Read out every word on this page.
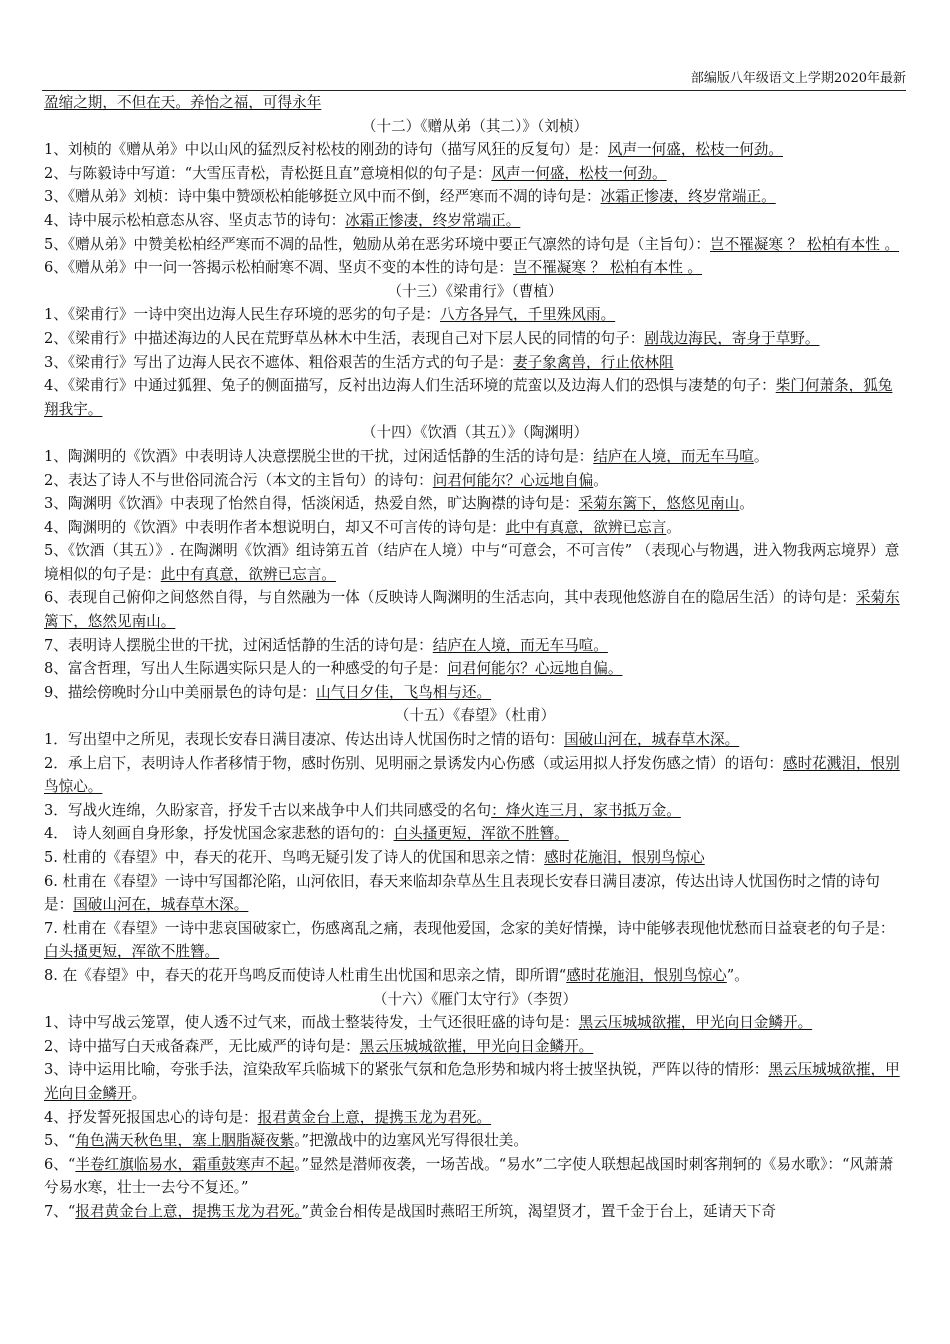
部编版八年级语文上学期2020年最新
盈缩之期，不但在天。养怡之福，可得永年
（十二）《赠从弟（其二）》（刘桢）
1、刘桢的《赠从弟》中以山风的猛烈反衬松枝的刚劲的诗句（描写风狂的反复句）是：风声一何盛，松枝一何劲。
2、与陈毅诗中写道：“大雪压青松，青松挺且直”意境相似的句子是：风声一何盛，松枝一何劲。
3、《赠从弟》刘桢：诗中集中赞颂松柏能够挺立风中而不倒，经严寒而不凋的诗句是：冰霜正惨凄，终岁常端正。
4、诗中展示松柏意态从容、坚贞志节的诗句：冰霜正惨凄，终岁常端正。
5、《赠从弟》中赞美松柏经严寒而不凋的品性，勉励从弟在恶劣环境中要正气凛然的诗句是（主旨句）：岂不罹凝寒 ？ 松柏有本性 。
6、《赠从弟》中一问一答揭示松柏耐寒不凋、坚贞不变的本性的诗句是：岂不罹凝寒 ？ 松柏有本性 。
（十三）《梁甫行》（曹植）
1、《梁甫行》一诗中突出边海人民生存环境的恶劣的句子是：八方各异气，千里殊风雨。
2、《梁甫行》中描述海边的人民在荒野草丛林木中生活，表现自己对下层人民的同情的句子：剧哉边海民，寄身于草野。
3、《梁甫行》写出了边海人民衣不遮体、粗俗艰苦的生活方式的句子是：妻子象禽兽，行止依林阻
4、《梁甫行》中通过狐狸、兔子的侧面描写，反衬出边海人们生活环境的荒蛮以及边海人们的恐惧与凄楚的句子：柴门何萧条，狐兔翔我宇。
（十四）《饮酒（其五）》（陶渊明）
1、陶渊明的《饮酒》中表明诗人决意摆脱尘世的干扰，过闲适恬静的生活的诗句是：结庐在人境，而无车马喧。
2、表达了诗人不与世俗同流合污（本文的主旨句）的诗句：问君何能尔？心远地自偏。
3、陶渊明《饮酒》中表现了怡然自得，恬淡闲适，热爱自然，旷达胸襟的诗句是：采菊东篱下，悠悠见南山。
4、陶渊明的《饮酒》中表明作者本想说明白，却又不可言传的诗句是：此中有真意，欲辨已忘言。
5、《饮酒（其五）》. 在陶渊明《饮酒》组诗第五首（结庐在人境）中与“可意会，不可言传” （表现心与物遇，进入物我两忘境界）意境相似的句子是：此中有真意，欲辨已忘言。
6、表现自己俯仰之间悠然自得，与自然融为一体（反映诗人陶渊明的生活志向，其中表现他悠游自在的隐居生活）的诗句是：采菊东篱下，悠然见南山。
7、表明诗人摆脱尘世的干扰，过闲适恬静的生活的诗句是：结庐在人境，而无车马喧。
8、富含哲理，写出人生际遇实际只是人的一种感受的句子是：问君何能尔？心远地自偏。
9、描绘傍晚时分山中美丽景色的诗句是：山气日夕佳，飞鸟相与还。
（十五）《春望》（杜甫）
1．写出望中之所见，表现长安春日满目凄凉、传达出诗人忧国伤时之情的语句：国破山河在，城春草木深。
2．承上启下，表明诗人作者移情于物，感时伤别、见明丽之景诱发内心伤感（或运用拟人抒发伤感之情）的语句：感时花溅泪，恨别鸟惊心。
3．写战火连绵，久盼家音，抒发千古以来战争中人们共同感受的名句：烽火连三月，家书抵万金。
4． 诗人刻画自身形象，抒发忧国念家悲愁的语句的：白头搔更短，浑欲不胜簪。
5. 杜甫的《春望》中，春天的花开、鸟鸣无疑引发了诗人的优国和思亲之情：感时花施泪，恨别鸟惊心
6. 杜甫在《春望》一诗中写国都沦陷，山河依旧，春天来临却杂草丛生且表现长安春日满目凄凉，传达出诗人忧国伤时之情的诗句是：国破山河在，城春草木深。
7. 杜甫在《春望》一诗中悲哀国破家亡，伤感离乱之痛，表现他爱国，念家的美好情操，诗中能够表现他忧愁而日益衰老的句子是：白头搔更短，浑欲不胜簪。
8. 在《春望》中，春天的花开鸟鸣反而使诗人杜甫生出忧国和思亲之情，即所谓“感时花施泪，恨别鸟惊心”。
（十六）《雁门太守行》（李贺）
1、诗中写战云笼罩，使人透不过气来，而战士整装待发，士气还很旺盛的诗句是：黑云压城城欲摧，甲光向日金鳞开。
2、诗中描写白天戒备森严，无比威严的诗句是：黑云压城城欲摧，甲光向日金鳞开。
3、诗中运用比喻，夸张手法，渲染敌军兵临城下的紧张气氛和危急形势和城内将士披坚执锐，严阵以待的情形：黑云压城城欲摧，甲光向日金鳞开。
4、抒发誓死报国忠心的诗句是：报君黄金台上意，提携玉龙为君死。
5、“角色满天秋色里，塞上胭脂凝夜紫。”把激战中的边塞风光写得很壮美。
6、“半卷红旗临易水，霜重鼓寒声不起。”显然是潜师夜袭，一场苦战。“易水”二字使人联想起战国时刺客荆轲的《易水歌》：“风萧萧兮易水寒，壮士一去兮不复还。”
7、“报君黄金台上意，提携玉龙为君死。”黄金台相传是战国时燕昭王所筑，渴望贤才，置千金于台上，延请天下奇
